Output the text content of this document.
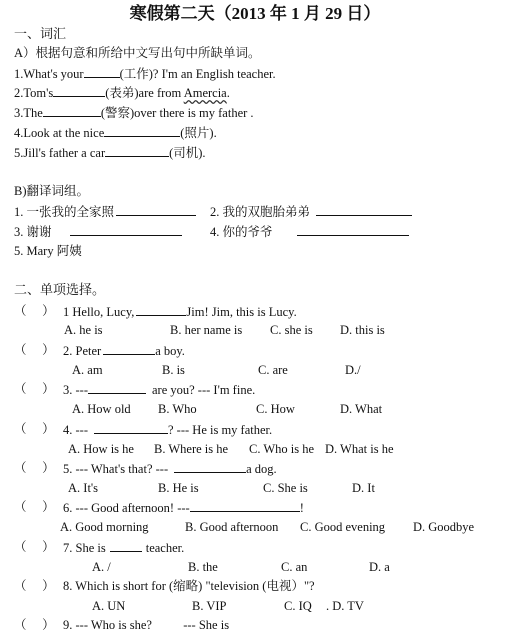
寒假第二天（2013 年 1 月 29 日）
一、词汇
A）根据句意和所给中文写出句中所缺单词。
1.What's your	(工作)? I'm an English teacher.
2.Tom's	(表弟)are from Amercia.
3.The	(警察)over there is my father .
4.Look at the nice	(照片).
5.Jill's father a car	(司机).
B)翻译词组。
1. 一张我的全家照	2. 我的双胞胎弟弟
3. 谢谢	4. 你的爷爷
5. Mary 阿姨
二、单项选择。
（ ） 1 Hello, Lucy,	Jim! Jim, this is Lucy.
A. he is	B. her name is C. she is D. this is
（ ） 2. Peter	a boy.
A. am	B. is	C. are	D./
（ ） 3. ---	are you? --- I'm fine.
A. How old B. Who	C. How	D. What
（ ） 4. ---	? --- He is my father.
A. How is he B. Where is he C. Who is he D. What is he
（ ） 5. --- What's that? ---	a dog.
A. It's	B. He is	C. She is	D. It
（ ） 6. --- Good afternoon! ---	!
A. Good morning	B. Good afternoon C. Good evening D. Goodbye
（ ） 7. She is	teacher.
A. /	B. the	C. an	D. a
（ ） 8. Which is short for (缩略) "television (电视）"?
A. UN	B. VIP	C. IQ . D. TV
（ ） 9. --- Who is she?	--- She is
